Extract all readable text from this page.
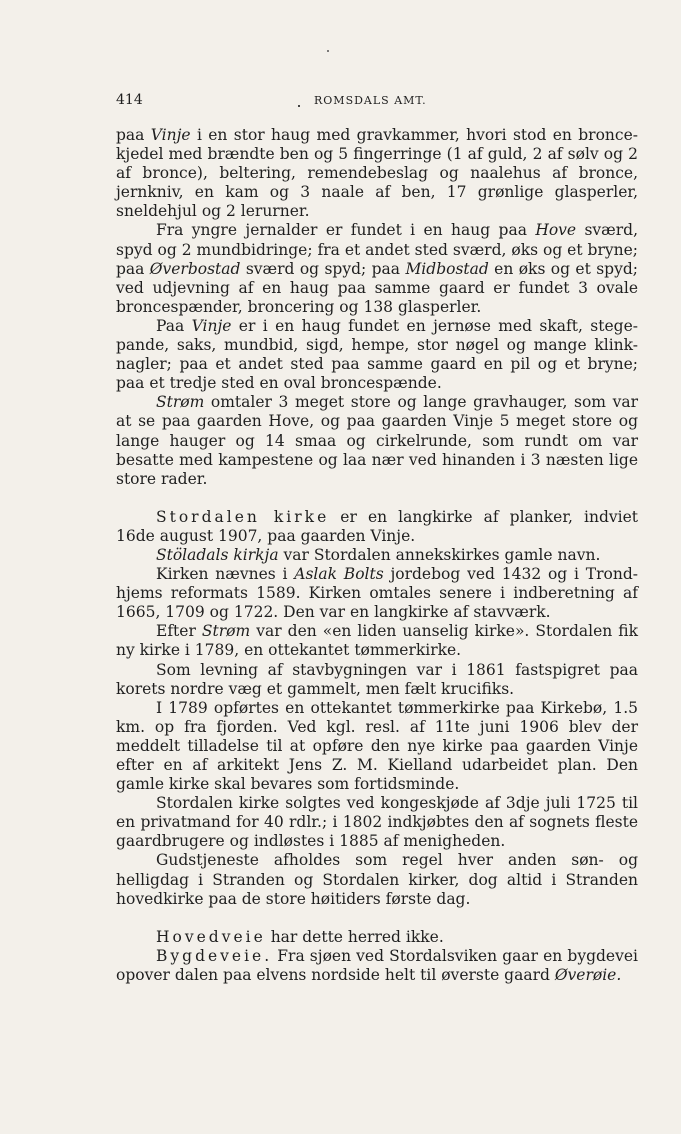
414	ROMSDALS AMT.

paa Vinje i en stor haug med gravkammer, hvori stod en bronce-kjedel med brændte ben og 5 fingerringe (1 af guld, 2 af sølv og 2 af bronce), beltering, remendebeslag og naalehus af bronce, jernkniv, en kam og 3 naale af ben, 17 grønlige glasperler, sneldehjul og 2 lerurner.

Fra yngre jernalder er fundet i en haug paa Hove sværd, spyd og 2 mundbidringe; fra et andet sted sværd, øks og et bryne; paa Øverbostad sværd og spyd; paa Midbostad en øks og et spyd; ved udjevning af en haug paa samme gaard er fundet 3 ovale broncespænder, broncering og 138 glasperler.

Paa Vinje er i en haug fundet en jernøse med skaft, stege-pande, saks, mundbid, sigd, hempe, stor nøgel og mange klink-nagler; paa et andet sted paa samme gaard en pil og et bryne; paa et tredje sted en oval broncespænde.

Strøm omtaler 3 meget store og lange gravhauger, som var at se paa gaarden Hove, og paa gaarden Vinje 5 meget store og lange hauger og 14 smaa og cirkelrunde, som rundt om var besatte med kampestene og laa nær ved hinanden i 3 næsten lige store rader.

Stordalen kirke er en langkirke af planker, indviet 16de august 1907, paa gaarden Vinje.

Stöladals kirkja var Stordalen annekskirkes gamle navn.

Kirken nævnes i Aslak Bolts jordebog ved 1432 og i Trond-hjems reformats 1589. Kirken omtales senere i indberetning af 1665, 1709 og 1722. Den var en langkirke af stavværk.

Efter Strøm var den «en liden uanselig kirke». Stordalen fik ny kirke i 1789, en ottekantet tømmerkirke.

Som levning af stavbygningen var i 1861 fastspigret paa korets nordre væg et gammelt, men fælt krucifiks.

I 1789 opførtes en ottekantet tømmerkirke paa Kirkebø, 1.5 km. op fra fjorden. Ved kgl. resl. af 11te juni 1906 blev der meddelt tilladelse til at opføre den nye kirke paa gaarden Vinje efter en af arkitekt Jens Z. M. Kielland udarbeidet plan. Den gamle kirke skal bevares som fortidsminde.

Stordalen kirke solgtes ved kongeskjøde af 3dje juli 1725 til en privatmand for 40 rdlr.; i 1802 indkjøbtes den af sognets fleste gaardbrugere og indløstes i 1885 af menigheden.

Gudstjeneste afholdes som regel hver anden søn- og helligdag i Stranden og Stordalen kirker, dog altid i Stranden hovedkirke paa de store høitiders første dag.

Hovedveie har dette herred ikke.

Bygdeveie. Fra sjøen ved Stordalsviken gaar en bygdevei opover dalen paa elvens nordside helt til øverste gaard Øverøie.
